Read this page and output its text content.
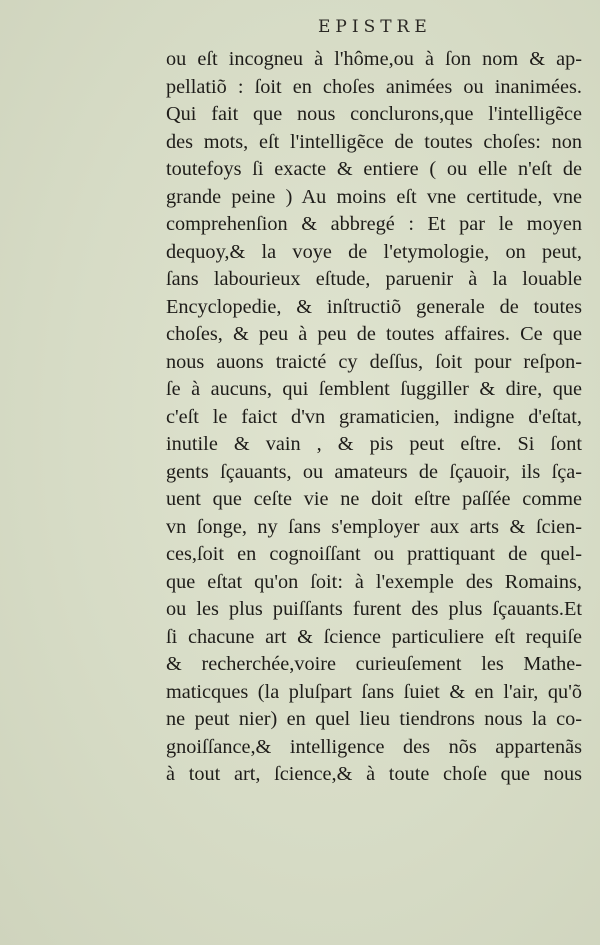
EPISTRE
ou eſt incogneu à l'hôme,ou à ſon nom & ap-
pellatiõ : ſoit en choſes animées ou inanimées.
Qui fait que nous conclurons,que l'intelligẽce
des mots, eſt l'intelligẽce de toutes choſes: non
toutefoys ſi exacte & entiere ( ou elle n'eſt de
grande peine ) Au moins eſt vne certitude, vne
comprehenſion & abbregé : Et par le moyen
dequoy,& la voye de l'etymologie, on peut,
ſans labourieux eſtude, paruenir à la louable
Encyclopedie, & inſtructiõ generale de toutes
choſes, & peu à peu de toutes affaires. Ce que
nous auons traicté cy deſſus, ſoit pour reſpon-
ſe à aucuns, qui ſemblent ſuggiller & dire, que
c'eſt le faict d'vn gramaticien, indigne d'eſtat,
inutile & vain , & pis peut eſtre. Si ſont
gents ſçauants, ou amateurs de ſçauoir, ils ſça-
uent que ceſte vie ne doit eſtre paſſée comme
vn ſonge, ny ſans s'employer aux arts & ſcien-
ces,ſoit en cognoiſſant ou prattiquant de quel-
que eſtat qu'on ſoit: à l'exemple des Romains,
ou les plus puiſſants furent des plus ſçauants.Et
ſi chacune art & ſcience particuliere eſt requiſe
& recherchée,voire curieuſement les Mathe-
maticques (la pluſpart ſans ſuiet & en l'air, qu'õ
ne peut nier) en quel lieu tiendrons nous la co-
gnoiſſance,& intelligence des nõs appartenãs
à tout art, ſcience,& à toute choſe que nous
